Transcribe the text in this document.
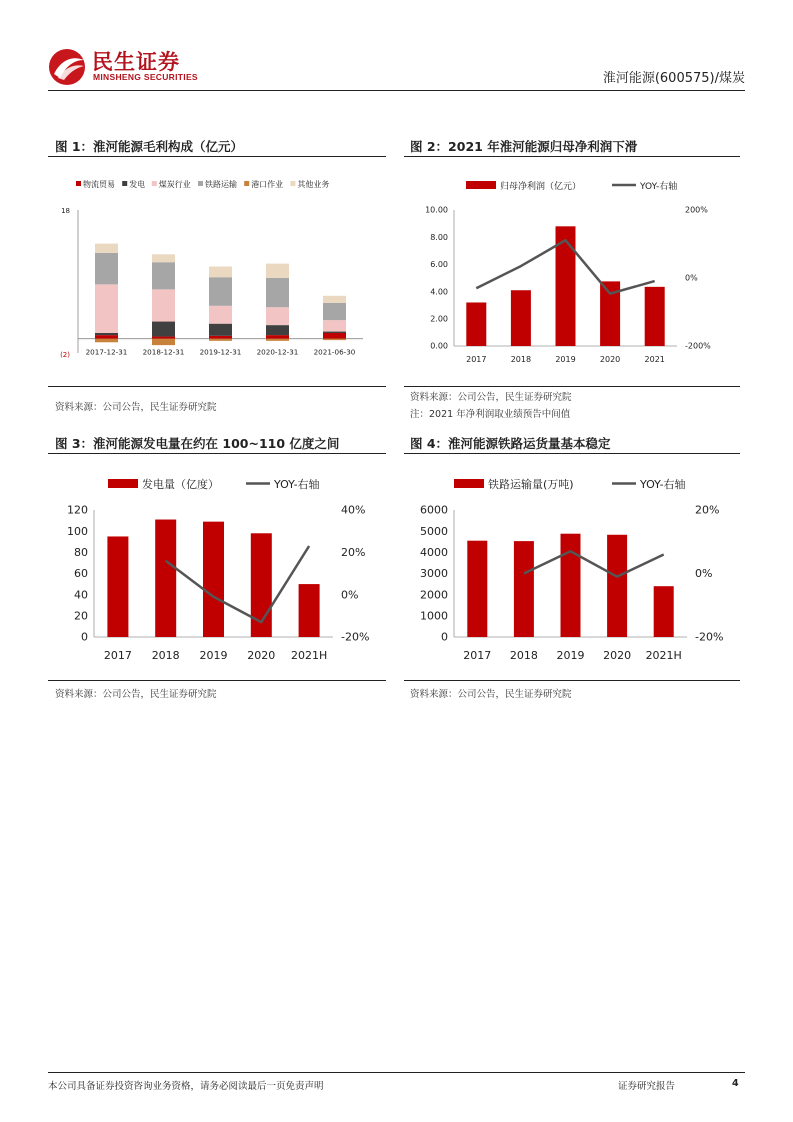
民生证券
MINSHENG SECURITIES	淮河能源(600575)/煤炭
图 1：淮河能源毛利构成（亿元）
物流贸易 发电 煤炭行业 铁路运输 港口作业 其他业务
18
(2) 2017-12-31 2018-12-31 2019-12-31 2020-12-31 2021-06-30
资料来源：公司公告，民生证券研究院
图 2：2021 年淮河能源归母净利润下滑
归母净利润（亿元）	YOY-右轴
0.00
2.00
4.00
6.00
8.00
10.00
-200%
0%
200%
2017	2018	2019	2020	2021
资料来源：公司公告，民生证券研究院
注：2021 年净利润取业绩预告中间值
图 3：淮河能源发电量在约在 100~110 亿度之间
发电量（亿度）	YOY-右轴
0
20
40
60
80
100
120
-20%
0%
20%
40%
2017 2018 2019 2020 2021H
资料来源：公司公告，民生证券研究院
图 4：淮河能源铁路运货量基本稳定
铁路运输量(万吨)	YOY-右轴
0
1000
2000
3000
4000
5000
6000
-20%
0%
20%
2017 2018 2019 2020 2021H
资料来源：公司公告，民生证券研究院
本公司具备证券投资咨询业务资格，请务必阅读最后一页免责声明	证券研究报告	4
